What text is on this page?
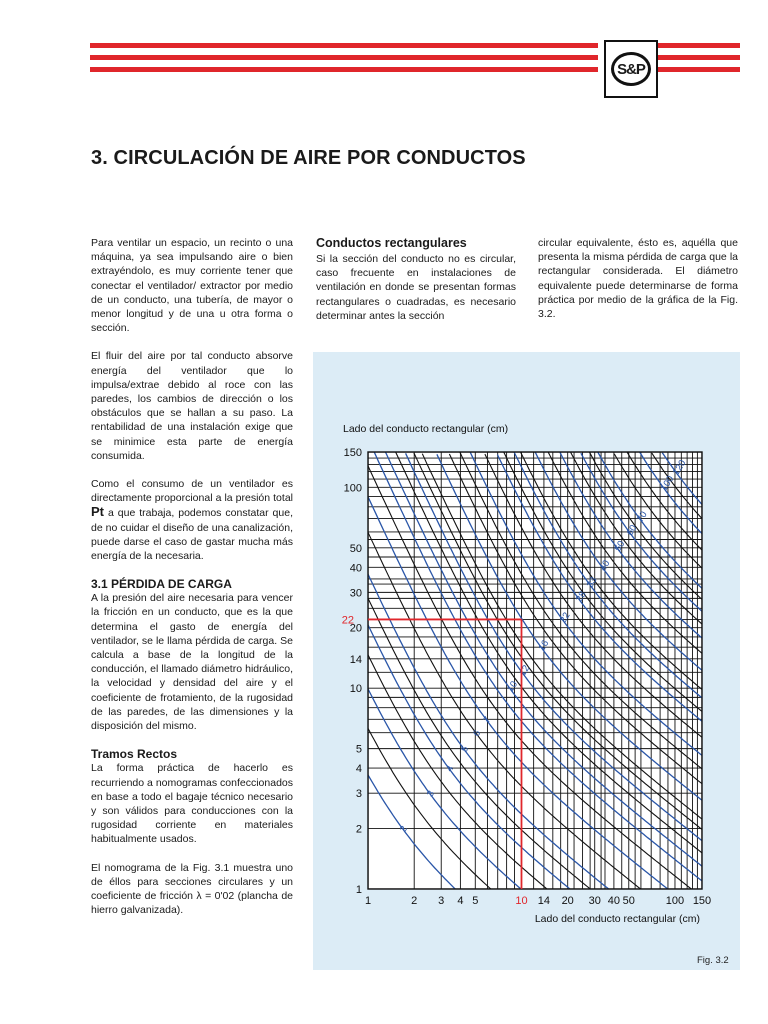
S&P
3. CIRCULACIÓN DE AIRE POR CONDUCTOS

Para ventilar un espacio, un recinto o una máquina, ya sea impulsando aire o bien extrayéndolo, es muy corriente tener que conectar el ventilador/ extractor por medio de un conducto, una tubería, de mayor o menor longitud y de una u otra forma o sección.

El fluir del aire por tal conducto absorve energía del ventilador que lo impulsa/extrae debido al roce con las paredes, los cambios de dirección o los obstáculos que se hallan a su paso. La rentabilidad de una instalación exige que se minimice esta parte de energía consumida.

Como el consumo de un ventilador es directamente proporcional a la presión total Pt a que trabaja, podemos constatar que, de no cuidar el diseño de una canalización, puede darse el caso de gastar mucha más energía de la necesaria.

3.1 PÉRDIDA DE CARGA

A la presión del aire necesaria para vencer la fricción en un conducto, que es la que determina el gasto de energía del ventilador, se le llama pérdida de carga. Se calcula a base de la longitud de la conducción, el llamado diámetro hidráulico, la velocidad y densidad del aire y el coeficiente de frotamiento, de la rugosidad de las paredes, de las dimensiones y la disposición del mismo.

Tramos Rectos

La forma práctica de hacerlo es recurriendo a nomogramas confeccionados en base a todo el bagaje técnico necesario y son válidos para conducciones con la rugosidad corriente en materiales habitualmente usados.

El nomograma de la Fig. 3.1 muestra uno de éllos para secciones circulares y un coeficiente de fricción λ = 0'02 (plancha de hierro galvanizada).

Conductos rectangulares

Si la sección del conducto no es circular, caso frecuente en instalaciones de ventilación en donde se presentan formas rectangulares o cuadradas, es necesario determinar antes la sección

circular equivalente, ésto es, aquélla que presenta la misma pérdida de carga que la rectangular considerada. El diámetro equivalente puede determinarse de forma práctica por medio de la gráfica de la Fig. 3.2.

2
3
4
5
6
7
10
12
16
22
28
33
40
50
60
70
100
120
1
2
3
4
5
10
14
20
30
40
50
100
150
1	2 3 4 5	10 14 20 30 40 50	100 150
22
Lado del conducto rectangular (cm)
Lado del conducto rectangular (cm)
Fig. 3.2
